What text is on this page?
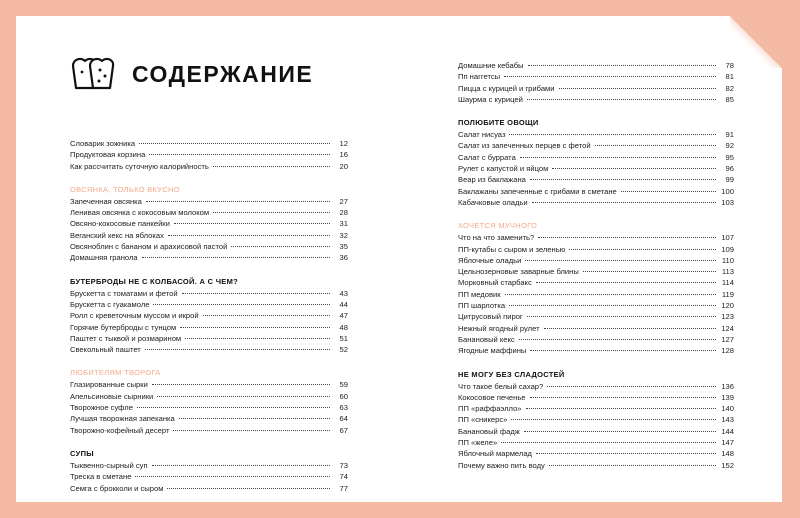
СОДЕРЖАНИЕ
Словарик зожника	12
Продуктовая корзина	16
Как рассчитать суточную калорийность	20
ОВСЯНКА, ТОЛЬКО ВКУСНО
Запеченная овсянка	27
Ленивая овсянка с кокосовым молоком	28
Овсяно-кокосовые панкейки	31
Веганский кекс на яблоках	32
Овсяноблин с бананом и арахисовой пастой	35
Домашняя гранола	36
БУТЕРБРОДЫ НЕ С КОЛБАСОЙ. А С ЧЕМ?
Брускетта с томатами и фетой	43
Брускетта с гуакамоле	44
Ролл с креветочным муссом и икрой	47
Горячие бутерброды с тунцом	48
Паштет с тыквой и розмарином	51
Свекольный паштет	52
ЛЮБИТЕЛЯМ ТВОРОГА
Глазированные сырки	59
Апельсиновые сырники	60
Творожное суфле	63
Лучшая творожная запеканка	64
Творожно-кофейный десерт	67
СУПЫ
Тыквенно-сырный суп	73
Треска в сметане	74
Семга с брокколи и сыром	77
Домашние кебабы	78
Пп наггетсы	81
Пицца с курицей и грибами	82
Шаурма с курицей	85
ПОЛЮБИТЕ ОВОЩИ
Салат нисуаз	91
Салат из запеченных перцев с фетой	92
Салат с буррата	95
Рулет с капустой и яйцом	96
Веар из баклажана	99
Баклажаны запеченные с грибами в сметане	100
Кабачковые оладьи	103
ХОЧЕТСЯ МУЧНОГО
Что на что заменить?	107
ПП-кутабы с сыром и зеленью	109
Яблочные оладьи	110
Цельнозерновые заварные блины	113
Морковный старбакс	114
ПП медовик	119
ПП шарлотка	120
Цитрусовый пирог	123
Нежный ягодный рулет	124
Банановый кекс	127
Ягодные маффины	128
НЕ МОГУ БЕЗ СЛАДОСТЕЙ
Что такое белый сахар?	136
Кокосовое печенье	139
ПП «раффаэлло»	140
ПП «сникерс»	143
Банановый фадж	144
ПП «желе»	147
Яблочный мармелад	148
Почему важно пить воду	152
